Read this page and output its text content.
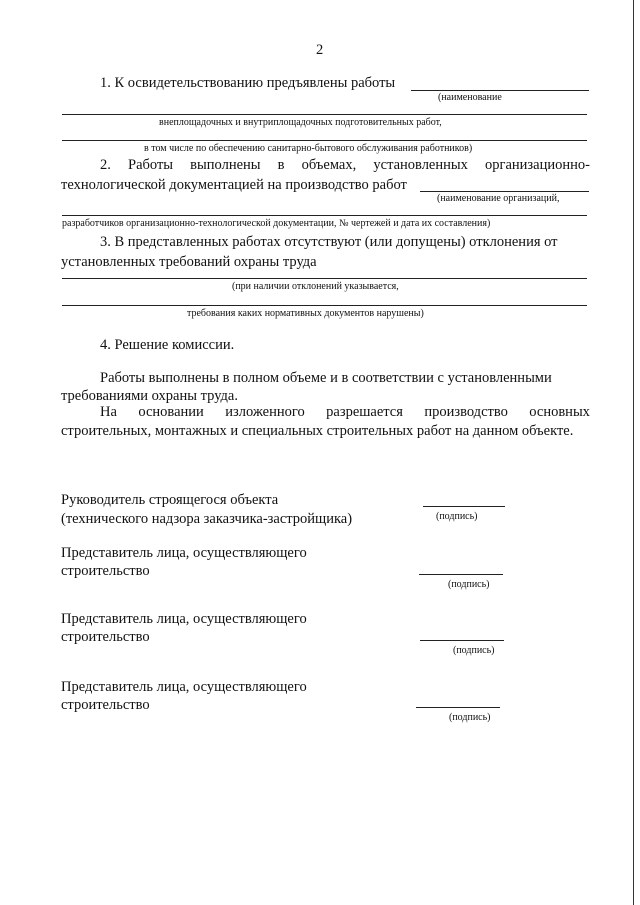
2
1. К освидетельствованию предъявлены работы
(наименование
внеплощадочных и внутриплощадочных подготовительных работ,
в том числе по обеспечению санитарно-бытового обслуживания работников)
2. Работы выполнены в объемах, установленных организационно-
технологической документацией на производство работ
(наименование организаций,
разработчиков организационно-технологической документации, № чертежей и дата их составления)
3. В представленных работах отсутствуют (или допущены) отклонения от
установленных требований охраны труда
(при наличии отклонений указывается,
требования каких нормативных документов нарушены)
4. Решение комиссии.
Работы выполнены в полном объеме и в соответствии с установленными
требованиями охраны труда.
На основании изложенного разрешается производство основных
строительных, монтажных и специальных строительных работ на данном объекте.
Руководитель строящегося объекта
(технического надзора заказчика-застройщика)	(подпись)
Представитель лица, осуществляющего
строительство
(подпись)
Представитель лица, осуществляющего
строительство
(подпись)
Представитель лица, осуществляющего
строительство
(подпись)
